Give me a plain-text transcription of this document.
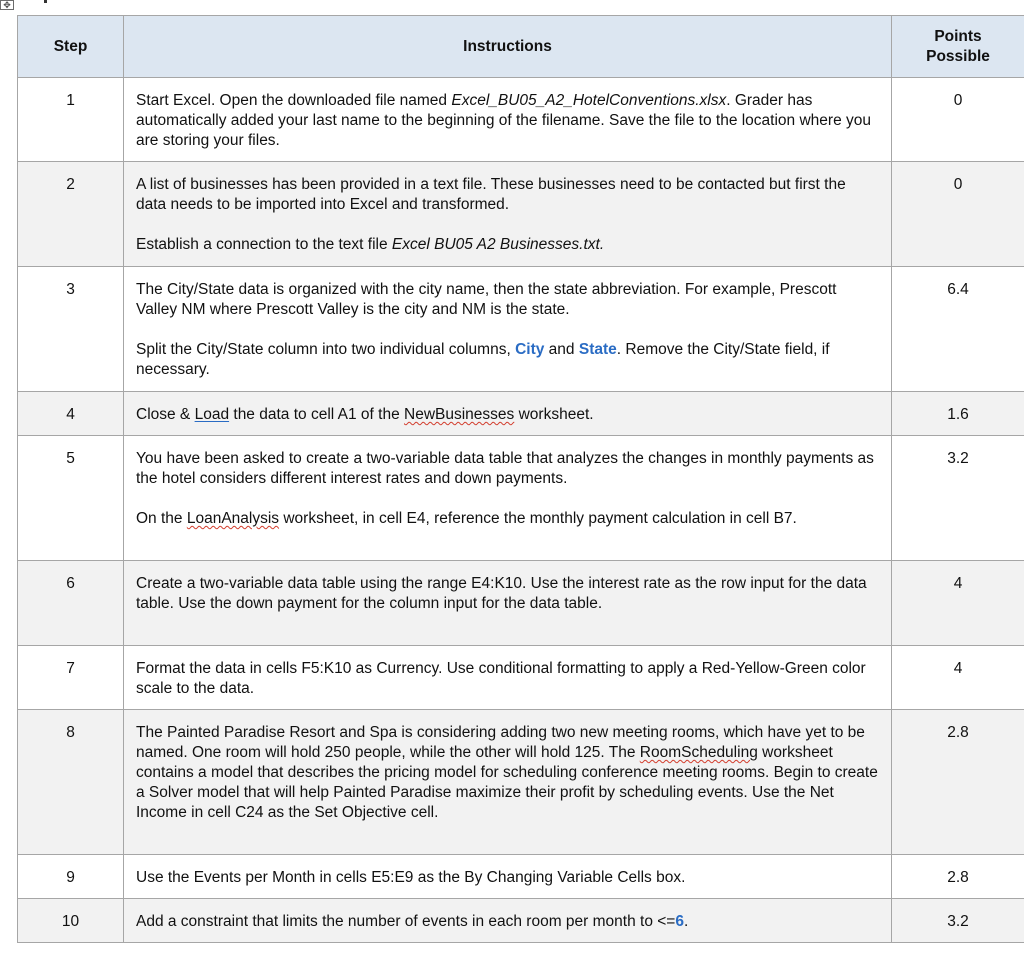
✥
Step	Instructions	Points
Possible
1	Start Excel. Open the downloaded file named Excel_BU05_A2_HotelConventions.xlsx. Grader has automatically added your last name to the beginning of the filename. Save the file to the location where you are storing your files.	0
2	A list of businesses has been provided in a text file. These businesses need to be contacted but first the data needs to be imported into Excel and transformed.

Establish a connection to the text file Excel BU05 A2 Businesses.txt.	0
3	The City/State data is organized with the city name, then the state abbreviation. For example, Prescott Valley NM where Prescott Valley is the city and NM is the state.

Split the City/State column into two individual columns, City and State. Remove the City/State field, if necessary.	6.4
4	Close & Load the data to cell A1 of the NewBusinesses worksheet.	1.6
5	You have been asked to create a two-variable data table that analyzes the changes in monthly payments as the hotel considers different interest rates and down payments.

On the LoanAnalysis worksheet, in cell E4, reference the monthly payment calculation in cell B7.	3.2
6	Create a two-variable data table using the range E4:K10. Use the interest rate as the row input for the data table. Use the down payment for the column input for the data table.	4
7	Format the data in cells F5:K10 as Currency. Use conditional formatting to apply a Red-Yellow-Green color scale to the data.	4
8	The Painted Paradise Resort and Spa is considering adding two new meeting rooms, which have yet to be named. One room will hold 250 people, while the other will hold 125. The RoomScheduling worksheet contains a model that describes the pricing model for scheduling conference meeting rooms. Begin to create a Solver model that will help Painted Paradise maximize their profit by scheduling events. Use the Net Income in cell C24 as the Set Objective cell.	2.8
9	Use the Events per Month in cells E5:E9 as the By Changing Variable Cells box.	2.8
10	Add a constraint that limits the number of events in each room per month to <=6.	3.2
